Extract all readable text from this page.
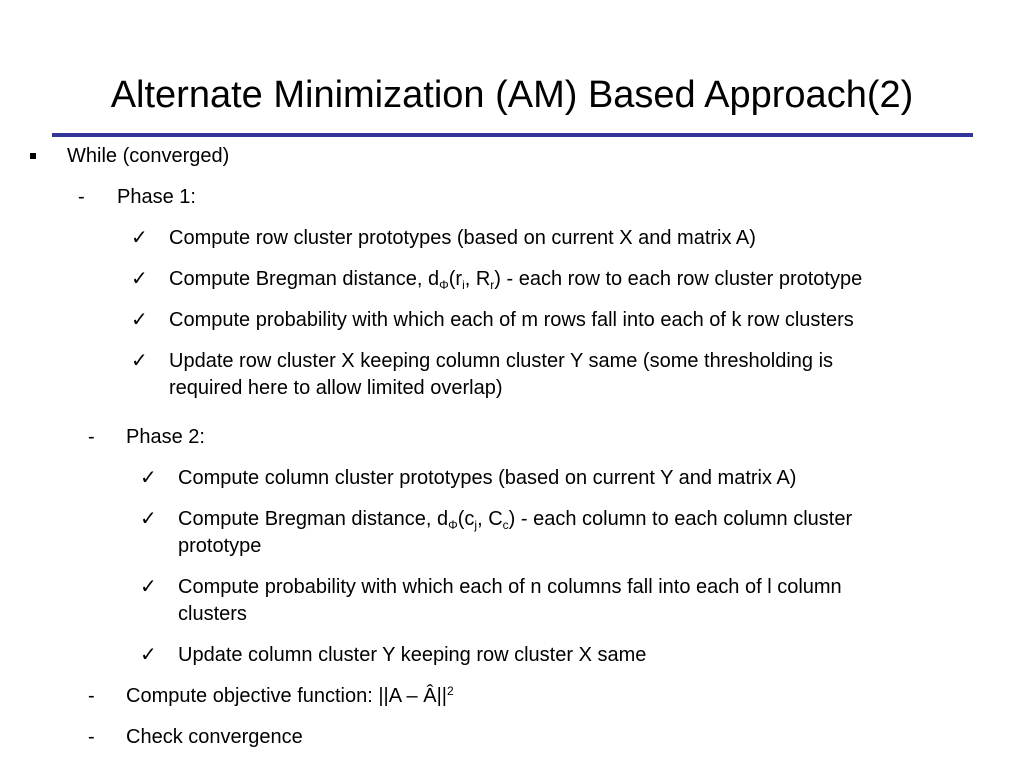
Alternate Minimization (AM) Based Approach(2)
While (converged)
- Phase 1:
✓ Compute row cluster prototypes (based on current X and matrix A)
✓ Compute Bregman distance, $d_\Phi(r_i$, $R_r$) - each row to each row cluster prototype
✓ Compute probability with which each of m rows fall into each of k row clusters
✓ Update row cluster X keeping column cluster Y same (some thresholding is
required here to allow limited overlap)
- Phase 2:
✓ Compute column cluster prototypes (based on current Y and matrix A)
✓ Compute Bregman distance, $d_\Phi(c_j$, $C_c$) - each column to each column cluster
prototype
✓ Compute probability with which each of n columns fall into each of l column
clusters
✓ Update column cluster Y keeping row cluster X same
- Compute objective function: $||A - Â||^2$
- Check convergence
